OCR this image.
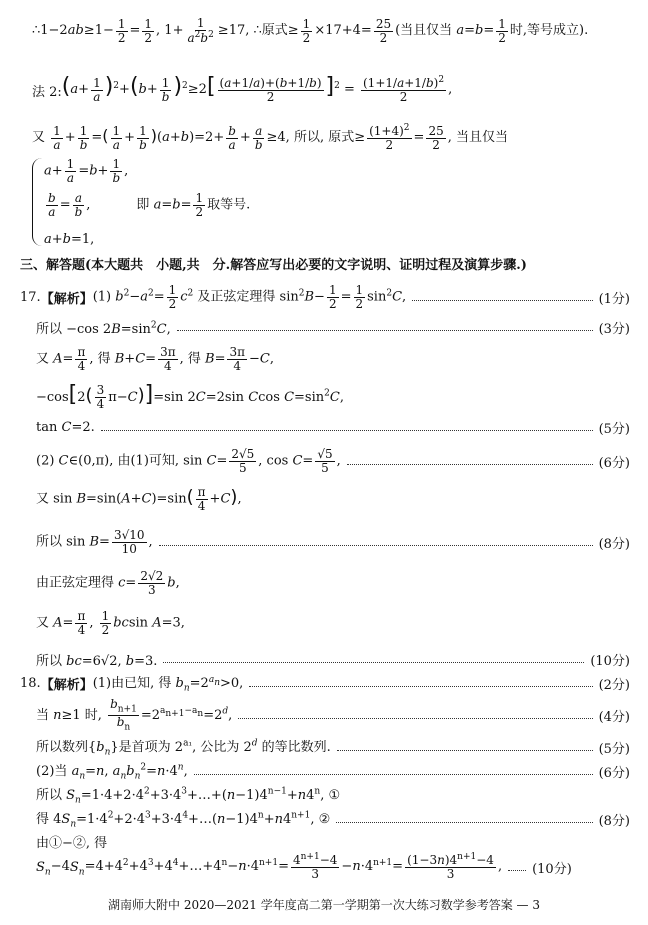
∴1−2ab≥1− $\frac{1}{2} = \frac{1}{2}$ , $1+ \frac{1}{a^2b^2} \ge 17$, ∴原式≥ $\frac{1}{2} \times 17+4= \frac{25}{2}$ (当且仅当 $a=b= \frac{1}{2}$ 时,等号成立).
法 2: $(a+ \frac{1}{a} )^2+(b+ \frac{1}{b} )^2\ge 2[ \frac{(a+1/a)+(b+1/b)}{2} ]^2 = \frac{(1+1/a+1/b)^2}{2}$ ,
又 $\frac{1}{a} + \frac{1}{b}$ =( $\frac{1}{a} + \frac{1}{b} )(a+b)=2+ \frac{b}{a} + \frac{a}{b} \ge 4$, 所以, 原式≥ $\frac{(1+4)^2}{2} = \frac{25}{2}$ , 当且仅当
$a+ \frac{1}{a} =b+ \frac{1}{b}$ ,
$\frac{b}{a} = \frac{a}{b}$ ,	即 $a=b= \frac{1}{2}$ 取等号.
a+b=1,
三、解答题(本大题共　小题,共　分.解答应写出必要的文字说明、证明过程及演算步骤.)
17. 【解析】 (1) $b^2-a^2= \frac{1}{2} c^2$ 及正弦定理得 $\sin^2B- \frac{1}{2} = \frac{1}{2} \sin^2C$,	(1分)
所以 −cos $2B=\sin^2C$,	(3分)
又 $A= \frac{\pi}{4}$ , 得 $B+C= \frac{3\pi}{4}$ , 得 $B= \frac{3\pi}{4} -C$,
$-\cos[2( \frac{3}{4} \pi-C)]=\sin$ 2C=2sin Ccos $C=\sin^2C$,
tan C=2.	(5分)
(2) C∈(0,π), 由(1)可知, $\sin C= \frac{2√5}{5}$ , $\cos C= \frac{√5}{5}$ ,	(6分)
又 $\sin B=\sin(A+C)=\sin( \frac{\pi}{4} +C)$,
所以 $\sin B= \frac{3√10}{10}$ ,	(8分)
由正弦定理得 $c= \frac{2√2}{3} b$,
又 $A= \frac{\pi}{4}$ , $\frac{1}{2}$ bcsin A=3,
所以 bc=6√2, b=3.	(10分)
18. 【解析】 (1)由已知, 得 $b_n=2^{a_n}>0$,	(2分)
当 n≥1 时, $\frac{b_{n+1}}{b_n} =2^{a_{n+1}-a_n}=2^d$,	(4分)
所以数列$\{b_n\}$是首项为 $2^{a_1}$, 公比为 2$^d$ 的等比数列.	(5分)
(2)当 $a_n=n$, $a_nb_n^2=n\cdot 4^n$,	(6分)
所以 $S_n=1\cdot 4+2\cdot 4^2+3\cdot 4^3+\dots+(n-1)4^{n-1}+n4^n$, ①
得 $4S_n=1\cdot 4^2+2\cdot 4^3+3\cdot 4^4+\dots(n-1)4^n+n4^{n+1}$, ②	(8分)
由①−②, 得
$S_n-4S_n=4+4^2+4^3+4^4+\dots+4^n-n\cdot 4^{n+1}= \frac{4^{n+1}-4}{3} -n\cdot 4^{n+1}= \frac{(1-3n)4^{n+1}-4}{3}$ , (10分)
湖南师大附中 2020—2021 学年度高二第一学期第一次大练习数学参考答案 — 3
